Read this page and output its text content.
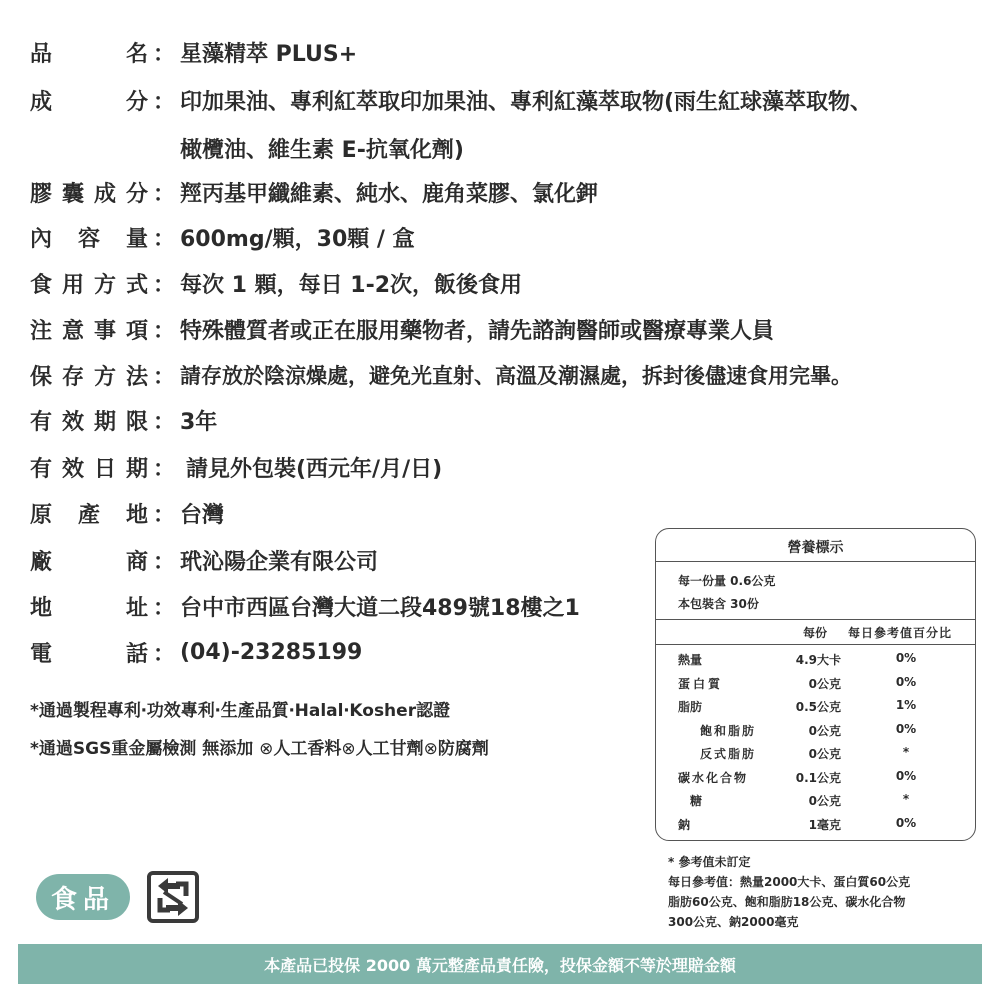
品	名 ： 星藻精萃 PLUS+
成	分 ： 印加果油、專利紅萃取印加果油、專利紅藻萃取物(雨生紅球藻萃取物、
橄欖油、維生素 E-抗氧化劑)
膠 囊 成 分 ： 羥丙基甲纖維素、純水、鹿角菜膠、氯化鉀
內 容 量 ： 600mg/顆，30顆 / 盒
食 用 方 式 ： 每次 1 顆，每日 1-2次，飯後食用
注 意 事 項 ： 特殊體質者或正在服用藥物者，請先諮詢醫師或醫療專業人員
保 存 方 法 ： 請存放於陰涼燥處，避免光直射、高溫及潮濕處，拆封後儘速食用完畢。
有 效 期 限 ： 3年
有 效 日 期 ： 請見外包裝(西元年/月/日)
原 產 地 ： 台灣
廠	商 ： 玳沁陽企業有限公司
地	址 ： 台中市西區台灣大道二段489號18樓之1
電	話 ： (04)-23285199
*通過製程專利‧功效專利‧生產品質‧Halal‧Kosher認證
*通過SGS重金屬檢測 無添加 ⊗人工香料⊗人工甘劑⊗防腐劑
營養標示
每一份量 0.6公克
本包裝含 30份
每份 每日參考值百分比
熱量	4.9大卡	0%
蛋白質	0公克	0%
脂肪	0.5公克	1%
飽和脂肪	0公克	0%
反式脂肪	0公克	*
碳水化合物	0.1公克	0%
糖	0公克	*
鈉	1毫克	0%
* 參考值未訂定
每日參考值：熱量2000大卡、蛋白質60公克
脂肪60公克、飽和脂肪18公克、碳水化合物
300公克、鈉2000毫克
食品
本產品已投保 2000 萬元整產品責任險，投保金額不等於理賠金額
